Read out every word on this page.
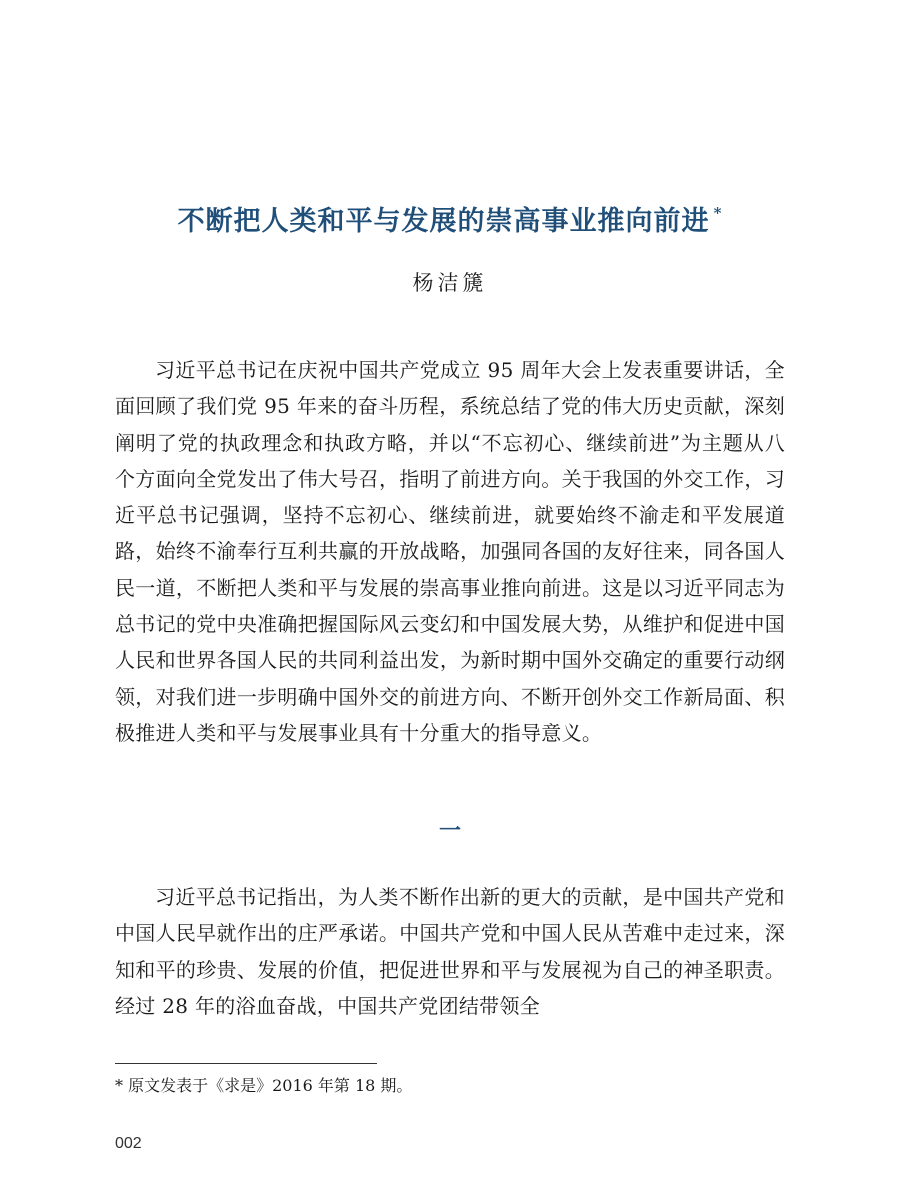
不断把人类和平与发展的崇高事业推向前进 *
杨洁篪

习近平总书记在庆祝中国共产党成立 95 周年大会上发表重要讲话，全面回顾了我们党 95 年来的奋斗历程，系统总结了党的伟大历史贡献，深刻阐明了党的执政理念和执政方略，并以“不忘初心、继续前进”为主题从八个方面向全党发出了伟大号召，指明了前进方向。关于我国的外交工作，习近平总书记强调，坚持不忘初心、继续前进，就要始终不渝走和平发展道路，始终不渝奉行互利共赢的开放战略，加强同各国的友好往来，同各国人民一道，不断把人类和平与发展的崇高事业推向前进。这是以习近平同志为总书记的党中央准确把握国际风云变幻和中国发展大势，从维护和促进中国人民和世界各国人民的共同利益出发，为新时期中国外交确定的重要行动纲领，对我们进一步明确中国外交的前进方向、不断开创外交工作新局面、积极推进人类和平与发展事业具有十分重大的指导意义。

一

习近平总书记指出，为人类不断作出新的更大的贡献，是中国共产党和中国人民早就作出的庄严承诺。中国共产党和中国人民从苦难中走过来，深知和平的珍贵、发展的价值，把促进世界和平与发展视为自己的神圣职责。经过 28 年的浴血奋战，中国共产党团结带领全

* 原文发表于《求是》2016 年第 18 期。
002
